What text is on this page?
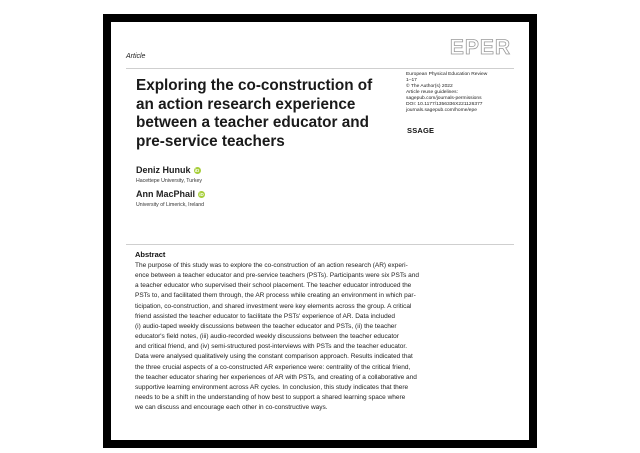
Article	EPER
European Physical Education Review
1–17
© The Author(s) 2022
Article reuse guidelines:
sagepub.com/journals-permissions
DOI: 10.1177/1356336X221126377
journals.sagepub.com/home/epe
SSAGE
Exploring the co-construction of
an action research experience
between a teacher educator and
pre-service teachers
Deniz Hunuk iD
Hacettepe University, Turkey
Ann MacPhail iD
University of Limerick, Ireland
Abstract
The purpose of this study was to explore the co-construction of an action research (AR) experi-
ence between a teacher educator and pre-service teachers (PSTs). Participants were six PSTs and
a teacher educator who supervised their school placement. The teacher educator introduced the
PSTs to, and facilitated them through, the AR process while creating an environment in which par-
ticipation, co-construction, and shared investment were key elements across the group. A critical
friend assisted the teacher educator to facilitate the PSTs' experience of AR. Data included
(i) audio-taped weekly discussions between the teacher educator and PSTs, (ii) the teacher
educator's field notes, (iii) audio-recorded weekly discussions between the teacher educator
and critical friend, and (iv) semi-structured post-interviews with PSTs and the teacher educator.
Data were analysed qualitatively using the constant comparison approach. Results indicated that
the three crucial aspects of a co-constructed AR experience were: centrality of the critical friend,
the teacher educator sharing her experiences of AR with PSTs, and creating of a collaborative and
supportive learning environment across AR cycles. In conclusion, this study indicates that there
needs to be a shift in the understanding of how best to support a shared learning space where
we can discuss and encourage each other in co-constructive ways.
